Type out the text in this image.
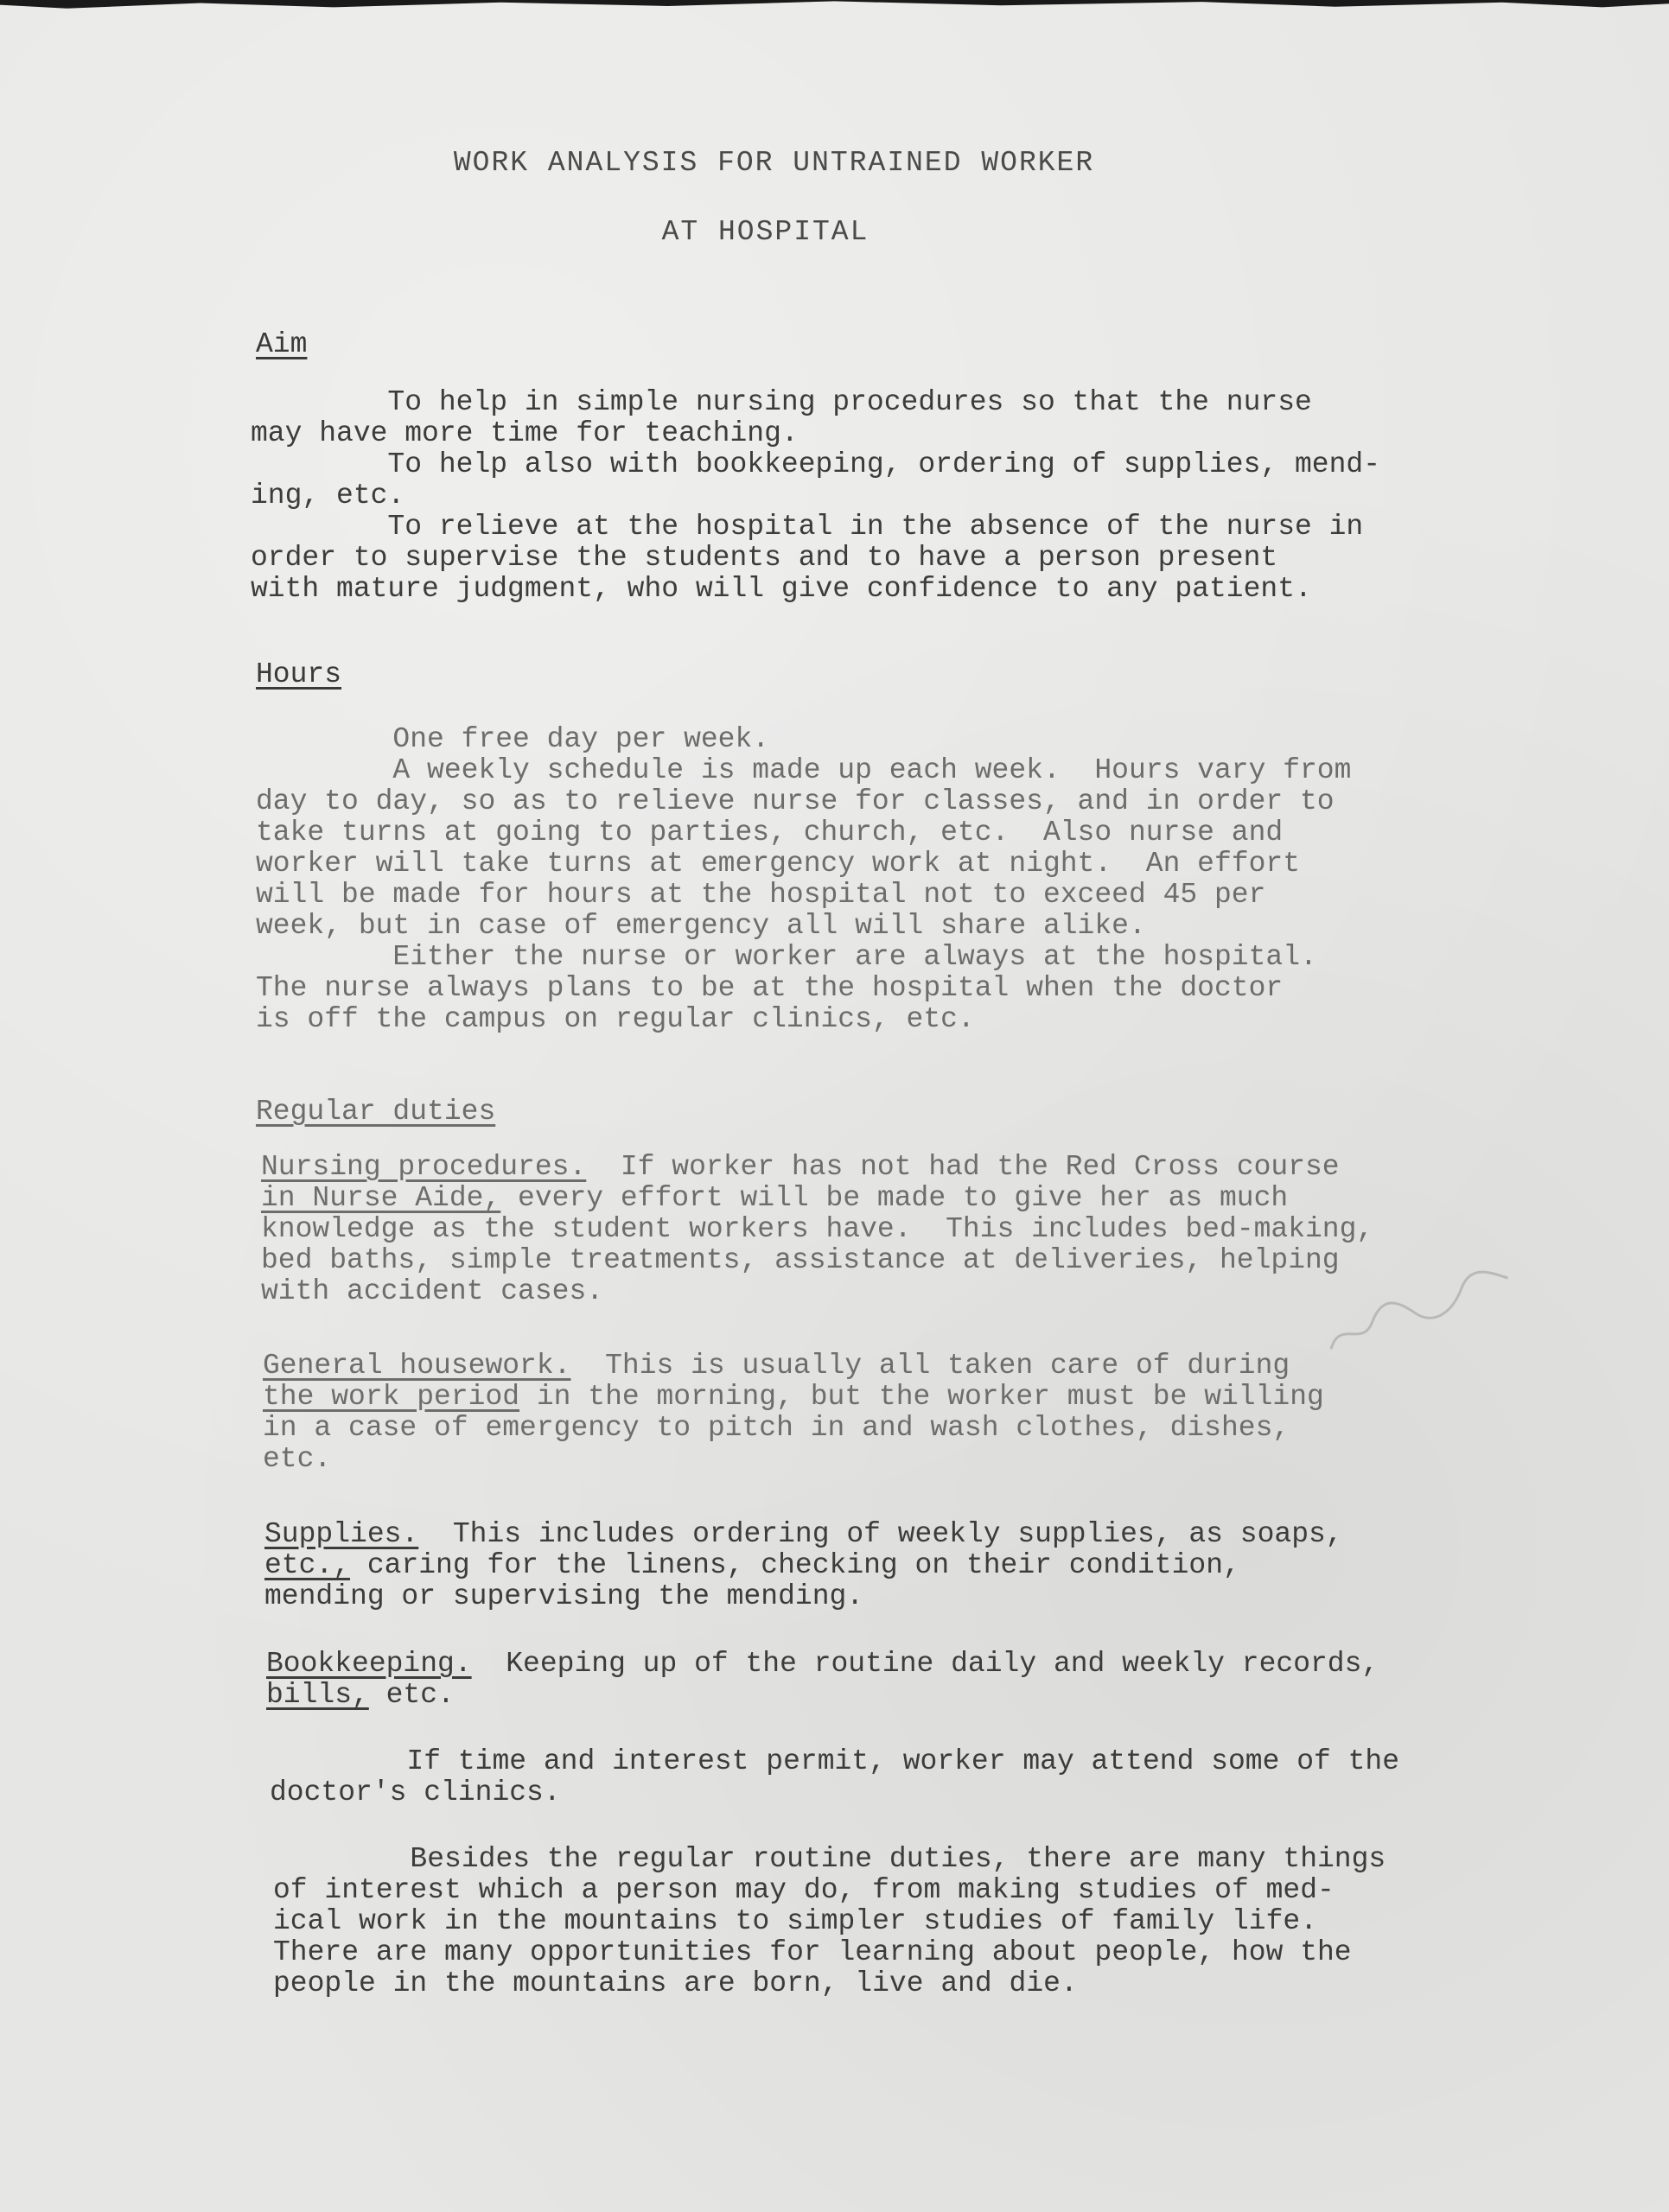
WORK ANALYSIS FOR UNTRAINED WORKER

AT HOSPITAL

Aim

To help in simple nursing procedures so that the nurse
may have more time for teaching.
To help also with bookkeeping, ordering of supplies, mend-
ing, etc.
To relieve at the hospital in the absence of the nurse in
order to supervise the students and to have a person present
with mature judgment, who will give confidence to any patient.

Hours

One free day per week.
A weekly schedule is made up each week.  Hours vary from
day to day, so as to relieve nurse for classes, and in order to
take turns at going to parties, church, etc.  Also nurse and
worker will take turns at emergency work at night.  An effort
will be made for hours at the hospital not to exceed 45 per
week, but in case of emergency all will share alike.
Either the nurse or worker are always at the hospital.
The nurse always plans to be at the hospital when the doctor
is off the campus on regular clinics, etc.

Regular duties

Nursing procedures.  If worker has not had the Red Cross course
in Nurse Aide, every effort will be made to give her as much
knowledge as the student workers have.  This includes bed-making,
bed baths, simple treatments, assistance at deliveries, helping
with accident cases.

General housework.  This is usually all taken care of during
the work period in the morning, but the worker must be willing
in a case of emergency to pitch in and wash clothes, dishes,
etc.

Supplies.  This includes ordering of weekly supplies, as soaps,
etc., caring for the linens, checking on their condition,
mending or supervising the mending.

Bookkeeping.  Keeping up of the routine daily and weekly records,
bills, etc.

If time and interest permit, worker may attend some of the
doctor's clinics.

Besides the regular routine duties, there are many things
of interest which a person may do, from making studies of med-
ical work in the mountains to simpler studies of family life.
There are many opportunities for learning about people, how the
people in the mountains are born, live and die.
